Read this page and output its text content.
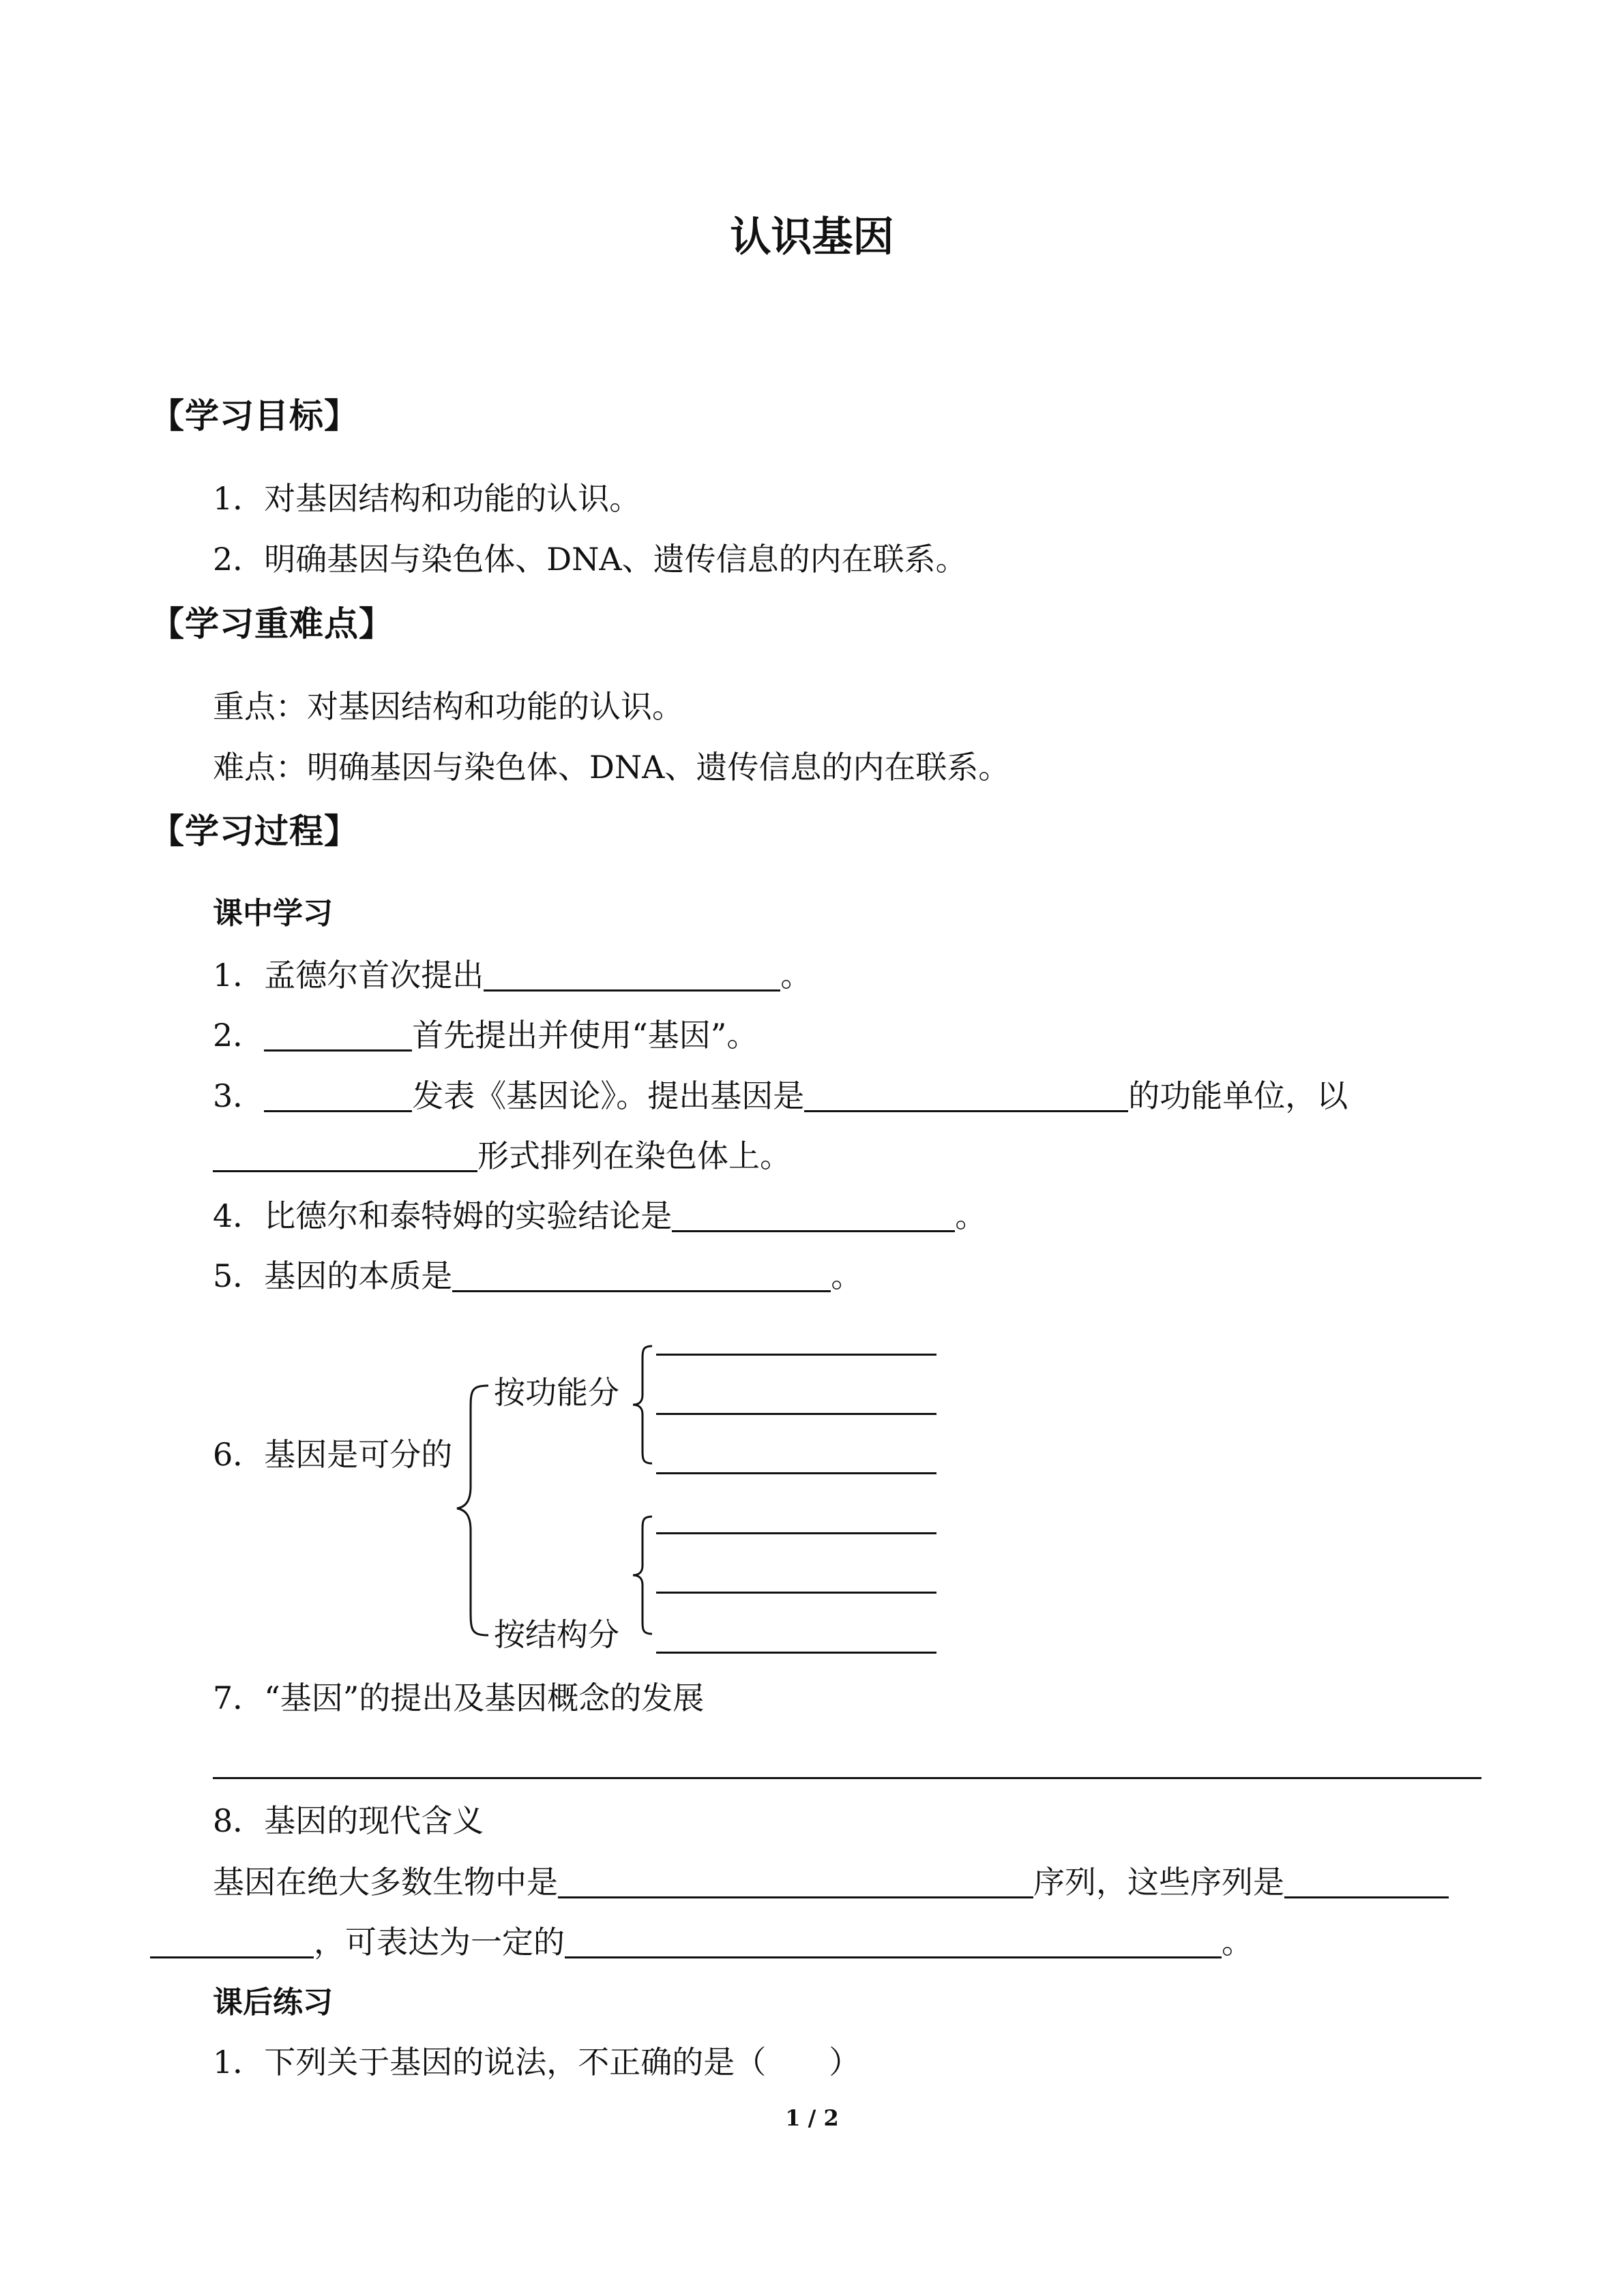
认识基因
【学习目标】
1．对基因结构和功能的认识。
2．明确基因与染色体、DNA、遗传信息的内在联系。
【学习重难点】
重点：对基因结构和功能的认识。
难点：明确基因与染色体、DNA、遗传信息的内在联系。
【学习过程】
课中学习
1．孟德尔首次提出	。
2．	首先提出并使用“基因”。
3．	发表《基因论》。提出基因是	的功能单位，以
形式排列在染色体上。
4．比德尔和泰特姆的实验结论是	。
5．基因的本质是	。
6．基因是可分的
按功能分
按结构分
7．“基因”的提出及基因概念的发展
8．基因的现代含义
基因在绝大多数生物中是	序列，这些序列是
，可表达为一定的	。
课后练习
1．下列关于基因的说法，不正确的是（　　）
1 / 2
